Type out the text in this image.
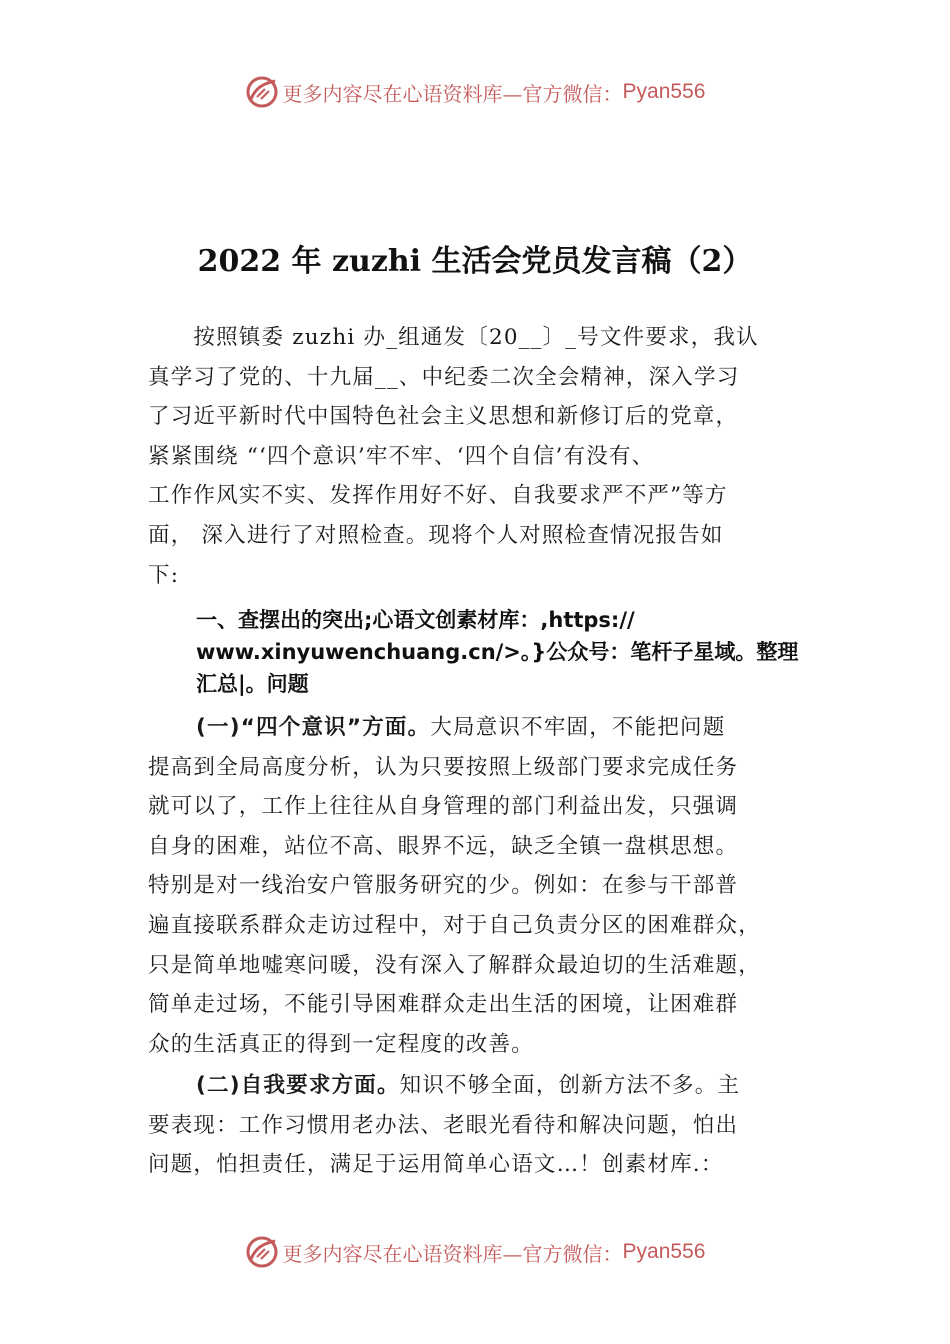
更多内容尽在心语资料库—官方微信： Pyan556
2022 年 zuzhi 生活会党员发言稿（2）
　　按照镇委 zuzhi 办_组通发〔20__〕_号文件要求，我认
真学习了党的、十九届__、中纪委二次全会精神，深入学习
了习近平新时代中国特色社会主义思想和新修订后的党章，
紧紧围绕 “‘四个意识’牢不牢、‘四个自信’有没有、
工作作风实不实、发挥作用好不好、自我要求严不严”等方
面， 深入进行了对照检查。现将个人对照检查情况报告如
下:
一、查摆出的突出;心语文创素材库：,https://
www.xinyuwenchuang.cn/>。}公众号：笔杆子星域。整理
汇总|。问题
(一)“四个意识”方面。大局意识不牢固，不能把问题
提高到全局高度分析，认为只要按照上级部门要求完成任务
就可以了，工作上往往从自身管理的部门利益出发，只强调
自身的困难，站位不高、眼界不远，缺乏全镇一盘棋思想。
特别是对一线治安户管服务研究的少。例如：在参与干部普
遍直接联系群众走访过程中，对于自己负责分区的困难群众，
只是简单地嘘寒问暖，没有深入了解群众最迫切的生活难题，
简单走过场，不能引导困难群众走出生活的困境，让困难群
众的生活真正的得到一定程度的改善。
(二)自我要求方面。知识不够全面，创新方法不多。主
要表现：工作习惯用老办法、老眼光看待和解决问题，怕出
问题，怕担责任，满足于运用简单心语文…！创素材库.：
更多内容尽在心语资料库—官方微信： Pyan556
